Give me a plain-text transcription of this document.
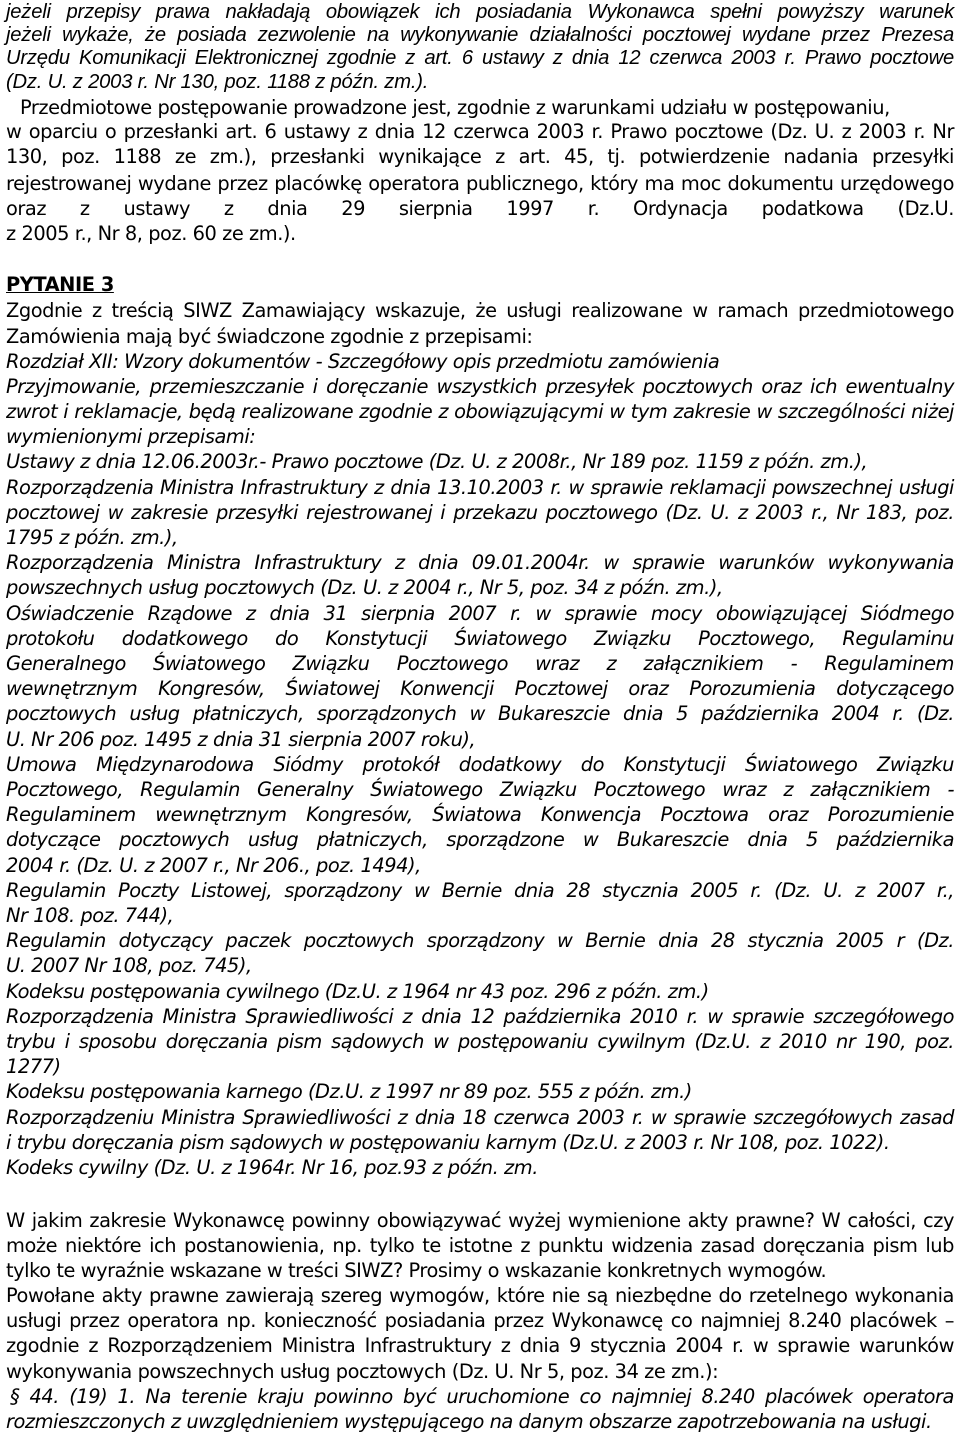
jeżeli przepisy prawa nakładają obowiązek ich posiadania Wykonawca spełni powyższy warunek
jeżeli wykaże, że posiada zezwolenie na wykonywanie działalności pocztowej wydane przez Prezesa
Urzędu Komunikacji Elektronicznej zgodnie z art. 6 ustawy z dnia 12 czerwca 2003 r. Prawo pocztowe
(Dz. U. z 2003 r. Nr 130, poz. 1188 z późn. zm.).
Przedmiotowe postępowanie prowadzone jest, zgodnie z warunkami udziału w postępowaniu,
w oparciu o przesłanki art. 6 ustawy z dnia 12 czerwca 2003 r. Prawo pocztowe (Dz. U. z 2003 r. Nr
130, poz. 1188 ze zm.), przesłanki wynikające z art. 45, tj. potwierdzenie nadania przesyłki
rejestrowanej wydane przez placówkę operatora publicznego, który ma moc dokumentu urzędowego
oraz z ustawy z dnia 29 sierpnia 1997 r. Ordynacja podatkowa (Dz.U.
z 2005 r., Nr 8, poz. 60 ze zm.).
PYTANIE 3
Zgodnie z treścią SIWZ Zamawiający wskazuje, że usługi realizowane w ramach przedmiotowego
Zamówienia mają być świadczone zgodnie z przepisami:
Rozdział XII: Wzory dokumentów - Szczegółowy opis przedmiotu zamówienia
Przyjmowanie, przemieszczanie i doręczanie wszystkich przesyłek pocztowych oraz ich ewentualny
zwrot i reklamacje, będą realizowane zgodnie z obowiązującymi w tym zakresie w szczególności niżej
wymienionymi przepisami:
Ustawy z dnia 12.06.2003r.- Prawo pocztowe (Dz. U. z 2008r., Nr 189 poz. 1159 z późn. zm.),
Rozporządzenia Ministra Infrastruktury z dnia 13.10.2003 r. w sprawie reklamacji powszechnej usługi
pocztowej w zakresie przesyłki rejestrowanej i przekazu pocztowego (Dz. U. z 2003 r., Nr 183, poz.
1795 z późn. zm.),
Rozporządzenia Ministra Infrastruktury z dnia 09.01.2004r. w sprawie warunków wykonywania
powszechnych usług pocztowych (Dz. U. z 2004 r., Nr 5, poz. 34 z późn. zm.),
Oświadczenie Rządowe z dnia 31 sierpnia 2007 r. w sprawie mocy obowiązującej Siódmego
protokołu dodatkowego do Konstytucji Światowego Związku Pocztowego, Regulaminu
Generalnego Światowego Związku Pocztowego wraz z załącznikiem - Regulaminem
wewnętrznym Kongresów, Światowej Konwencji Pocztowej oraz Porozumienia dotyczącego
pocztowych usług płatniczych, sporządzonych w Bukareszcie dnia 5 października 2004 r. (Dz.
U. Nr 206 poz. 1495 z dnia 31 sierpnia 2007 roku),
Umowa Międzynarodowa Siódmy protokół dodatkowy do Konstytucji Światowego Związku
Pocztowego, Regulamin Generalny Światowego Związku Pocztowego wraz z załącznikiem -
Regulaminem wewnętrznym Kongresów, Światowa Konwencja Pocztowa oraz Porozumienie
dotyczące pocztowych usług płatniczych, sporządzone w Bukareszcie dnia 5 października
2004 r. (Dz. U. z 2007 r., Nr 206., poz. 1494),
Regulamin Poczty Listowej, sporządzony w Bernie dnia 28 stycznia 2005 r. (Dz. U. z 2007 r.,
Nr 108. poz. 744),
Regulamin dotyczący paczek pocztowych sporządzony w Bernie dnia 28 stycznia 2005 r (Dz.
U. 2007 Nr 108, poz. 745),
Kodeksu postępowania cywilnego (Dz.U. z 1964 nr 43 poz. 296 z późn. zm.)
Rozporządzenia Ministra Sprawiedliwości z dnia 12 października 2010 r. w sprawie szczegółowego
trybu i sposobu doręczania pism sądowych w postępowaniu cywilnym (Dz.U. z 2010 nr 190, poz.
1277)
Kodeksu postępowania karnego (Dz.U. z 1997 nr 89 poz. 555 z późn. zm.)
Rozporządzeniu Ministra Sprawiedliwości z dnia 18 czerwca 2003 r. w sprawie szczegółowych zasad
i trybu doręczania pism sądowych w postępowaniu karnym (Dz.U. z 2003 r. Nr 108, poz. 1022).
Kodeks cywilny (Dz. U. z 1964r. Nr 16, poz.93 z późn. zm.
W jakim zakresie Wykonawcę powinny obowiązywać wyżej wymienione akty prawne? W całości, czy
może niektóre ich postanowienia, np. tylko te istotne z punktu widzenia zasad doręczania pism lub
tylko te wyraźnie wskazane w treści SIWZ? Prosimy o wskazanie konkretnych wymogów.
Powołane akty prawne zawierają szereg wymogów, które nie są niezbędne do rzetelnego wykonania
usługi przez operatora np. konieczność posiadania przez Wykonawcę co najmniej 8.240 placówek –
zgodnie z Rozporządzeniem Ministra Infrastruktury z dnia 9 stycznia 2004 r. w sprawie warunków
wykonywania powszechnych usług pocztowych (Dz. U. Nr 5, poz. 34 ze zm.):
§ 44. (19) 1. Na terenie kraju powinno być uruchomione co najmniej 8.240 placówek operatora
rozmieszczonych z uwzględnieniem występującego na danym obszarze zapotrzebowania na usługi.
